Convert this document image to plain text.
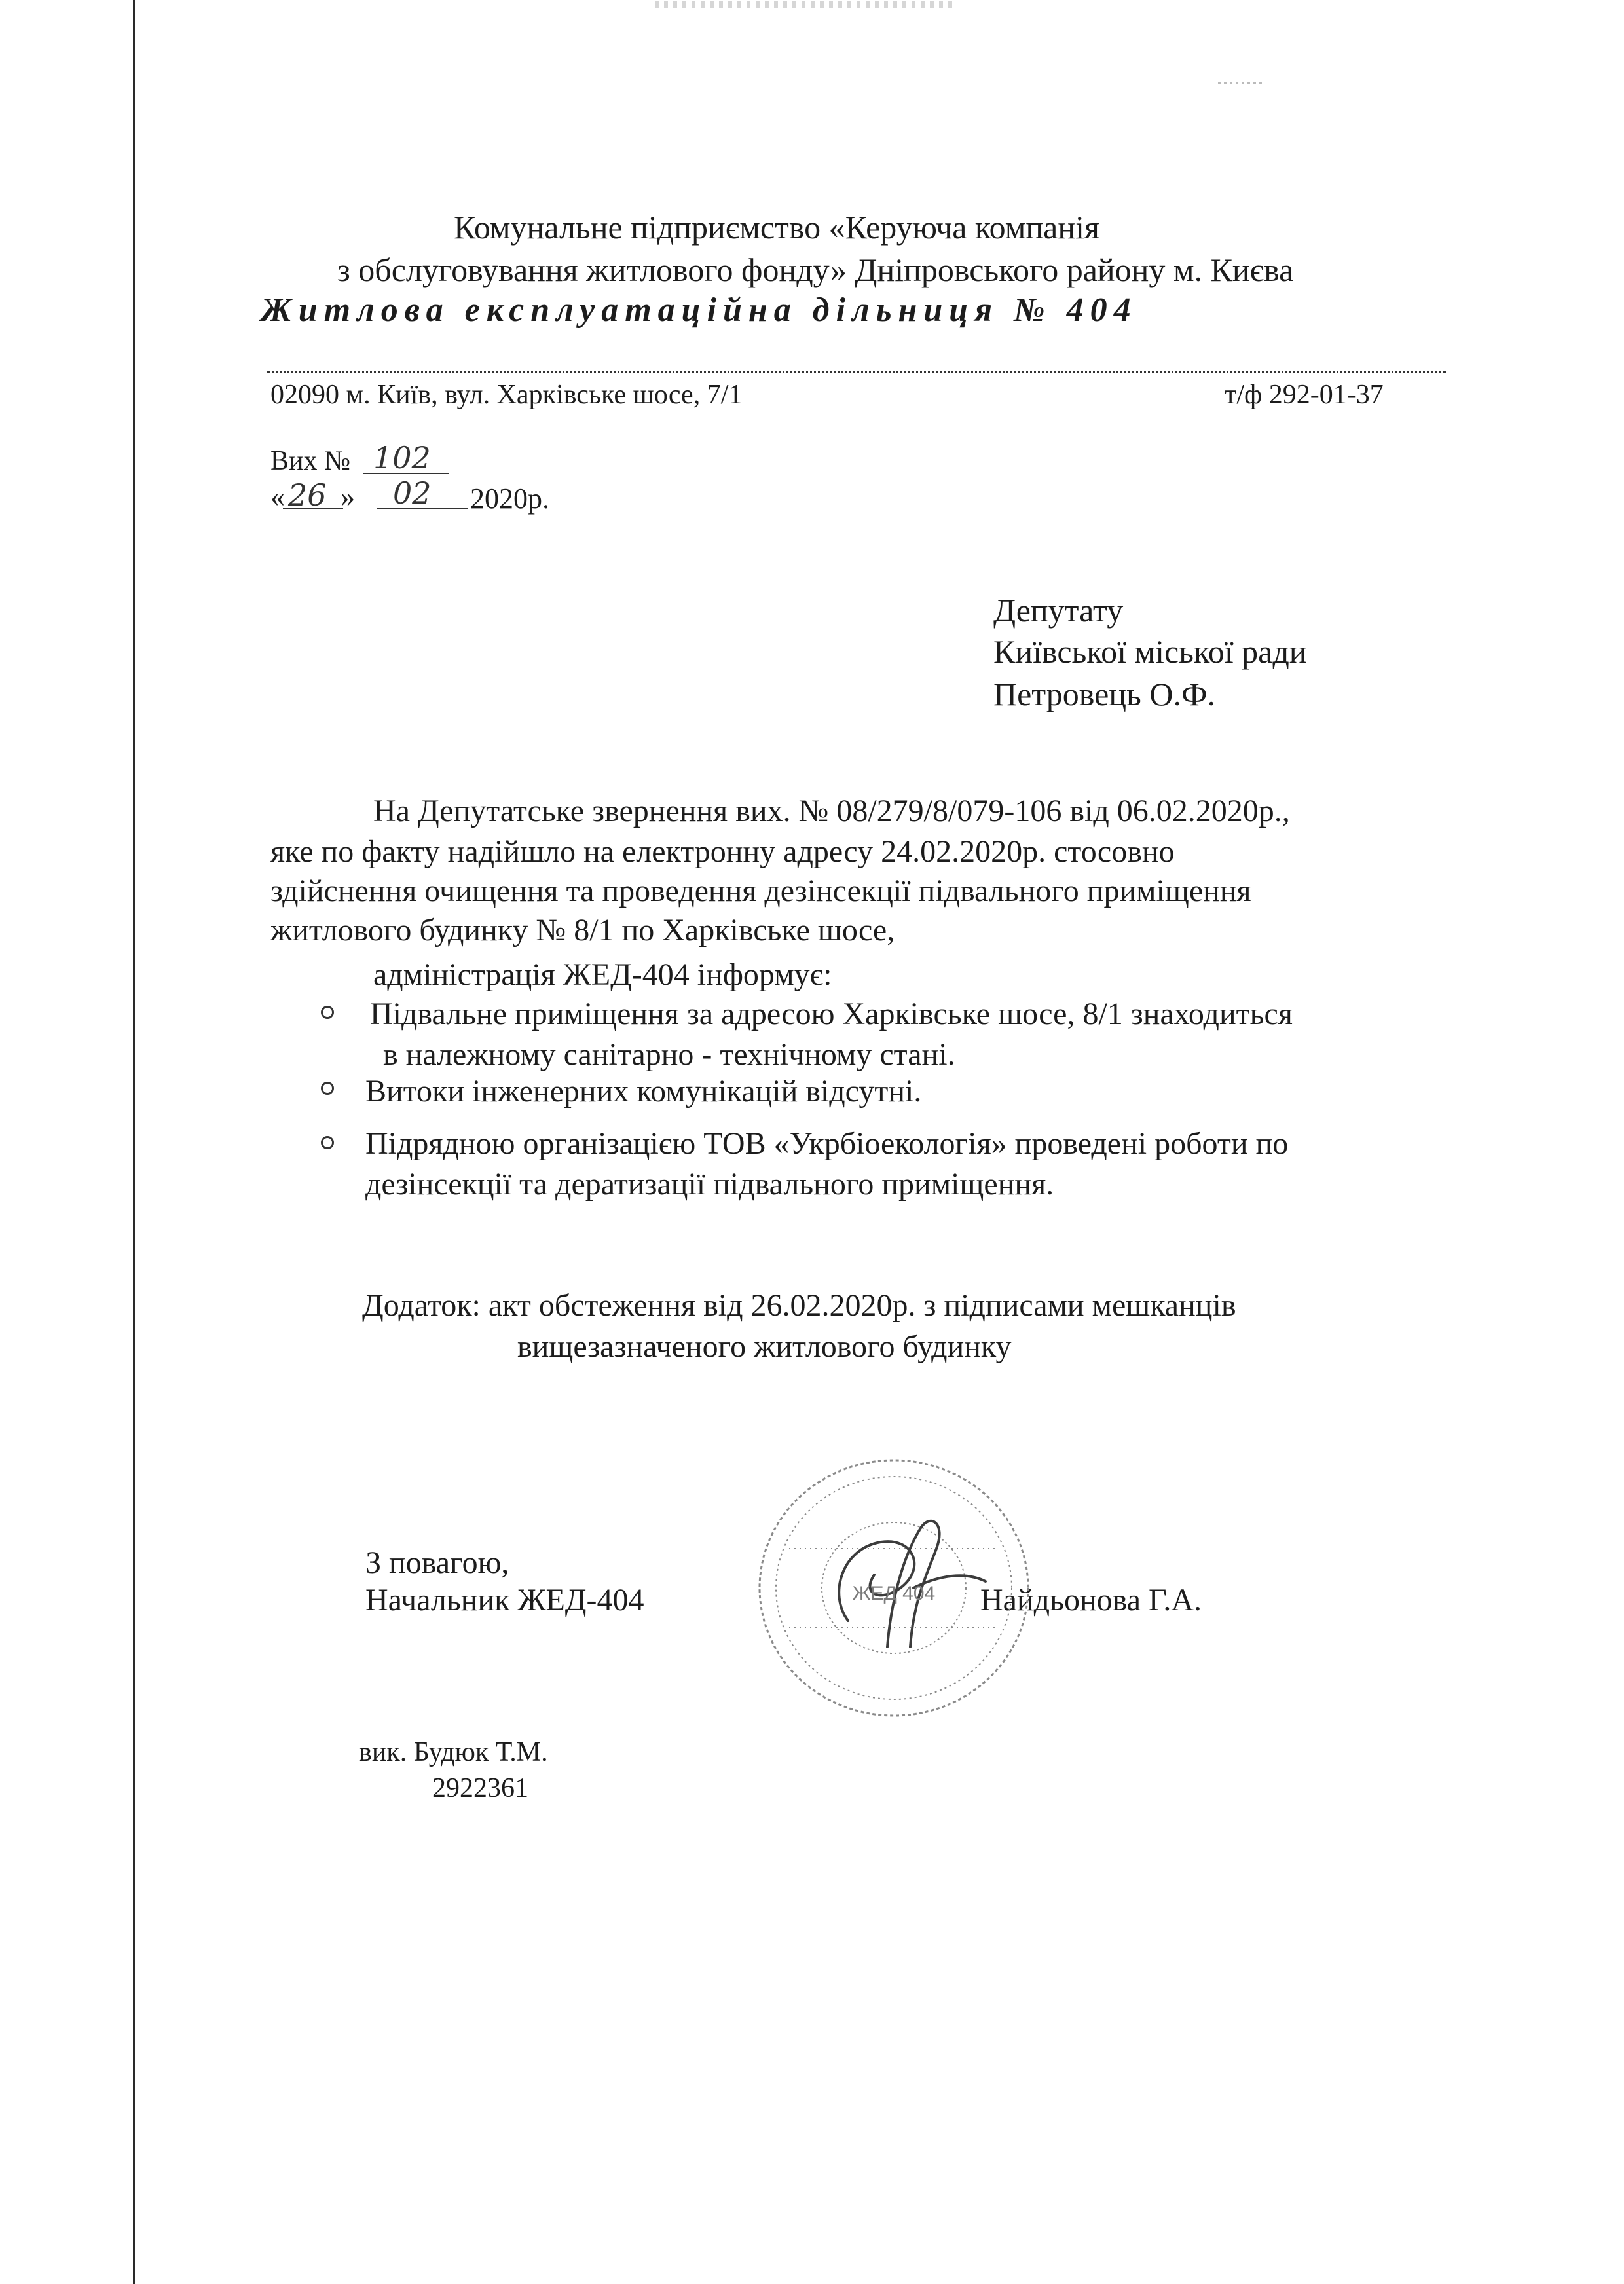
Комунальне підприємство «Керуюча компанія
з обслуговування житлового фонду» Дніпровського району м. Києва
Житлова експлуатаційна дільниця № 404
02090 м. Київ, вул. Харківське шосе, 7/1	т/ф 292-01-37
Вих № 102
« 26 » 02 2020р.
Депутату
Київської міської ради
Петровець О.Ф.
На Депутатське звернення вих. № 08/279/8/079-106 від 06.02.2020р.,
яке по факту надійшло на електронну адресу 24.02.2020р. стосовно
здійснення очищення та проведення дезінсекції підвального приміщення
житлового будинку № 8/1 по Харківське шосе,
адміністрація ЖЕД-404 інформує:
Підвальне приміщення за адресою Харківське шосе, 8/1 знаходиться
в належному санітарно - технічному стані.
Витоки інженерних комунікацій відсутні.
Підрядною організацією ТОВ «Укрбіоекологія» проведені роботи по
дезінсекції та дератизації підвального приміщення.
Додаток: акт обстеження від 26.02.2020р. з підписами мешканців
вищезазначеного житлового будинку
З повагою,
Начальник ЖЕД-404	Найдьонова Г.А.
ЖЕД 404
вик. Будюк Т.М.
2922361
